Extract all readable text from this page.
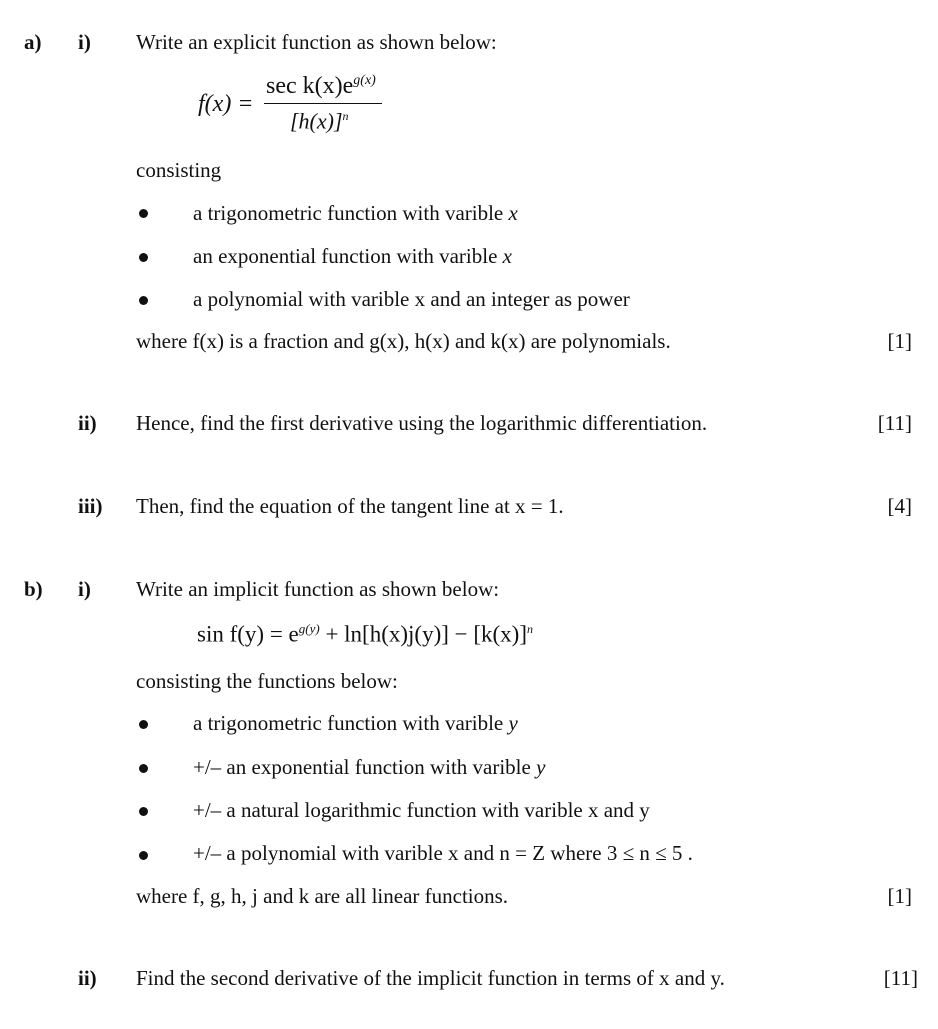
a) i) Write an explicit function as shown below:
f(x) =
$\sec k(x)e^{g(x)}$
$[h(x)]^n$
consisting
a trigonometric function with varible x
an exponential function with varible x
a polynomial with varible x and an integer as power
where f(x) is a fraction and g(x), h(x) and k(x) are polynomials.	[1]
ii) Hence, find the first derivative using the logarithmic differentiation.	[11]
iii) Then, find the equation of the tangent line at x = 1.	[4]
b) i) Write an implicit function as shown below:
$\sin f(y) = e^{g(y)} + \ln[h(x)j(y)] - [k(x)]^n$
consisting the functions below:
a trigonometric function with varible y
+/– an exponential function with varible y
+/– a natural logarithmic function with varible x and y
+/– a polynomial with varible x and n = Z where 3 ≤ n ≤ 5 .
where f, g, h, j and k are all linear functions.	[1]
ii) Find the second derivative of the implicit function in terms of x and y.	[11]
